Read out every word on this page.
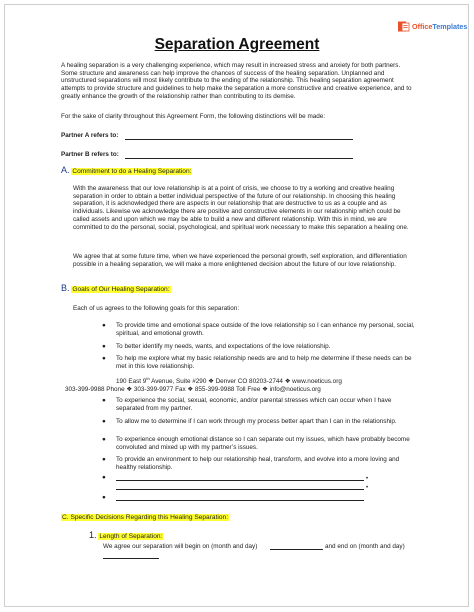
OfficeTemplates
Separation Agreement
A healing separation is a very challenging experience, which may result in increased stress and anxiety for both partners. Some structure and awareness can help improve the chances of success of the healing separation. Unplanned and unstructured separations will most likely contribute to the ending of the relationship. This healing separation agreement attempts to provide structure and guidelines to help make the separation a more constructive and creative experience, and to greatly enhance the growth of the relationship rather than contributing to its demise.
For the sake of clarity throughout this Agreement Form, the following distinctions will be made:
Partner A refers to:
Partner B refers to:
A. Commitment to do a Healing Separation:
With the awareness that our love relationship is at a point of crisis, we choose to try a working and creative healing separation in order to obtain a better individual perspective of the future of our relationship. In choosing this healing separation, it is acknowledged there are aspects in our relationship that are destructive to us as a couple and as individuals. Likewise we acknowledge there are positive and constructive elements in our relationship which could be called assets and upon which we may be able to build a new and different relationship. With this in mind, we are committed to do the personal, social, psychological, and spiritual work necessary to make this separation a healing one.
We agree that at some future time, when we have experienced the personal growth, self exploration, and differentiation possible in a healing separation, we will make a more enlightened decision about the future of our love relationship.
B. Goals of Our Healing Separation:
Each of us agrees to the following goals for this separation:
● To provide time and emotional space outside of the love relationship so I can enhance my personal, social, spiritual, and emotional growth.
● To better identify my needs, wants, and expectations of the love relationship.
● To help me explore what my basic relationship needs are and to help me determine if these needs can be met in this love relationship.
190 East 9th Avenue, Suite #290 ❖ Denver CO 80203-2744 ❖ www.noeticus.org
303-399-9988 Phone ❖ 303-399-9977 Fax ❖ 855-399-9988 Toll Free ❖ info@noeticus.org
● To experience the social, sexual, economic, and/or parental stresses which can occur when I have separated from my partner.
● To allow me to determine if I can work through my process better apart than I can in the relationship.
● To experience enough emotional distance so I can separate out my issues, which have probably become convoluted and mixed up with my partner’s issues.
● To provide an environment to help our relationship heal, transform, and evolve into a more loving and healthy relationship.
●	•
•
●
C. Specific Decisions Regarding this Healing Separation:
1. Length of Separation:
We agree our separation will begin on (month and day)	and end on (month and day)
